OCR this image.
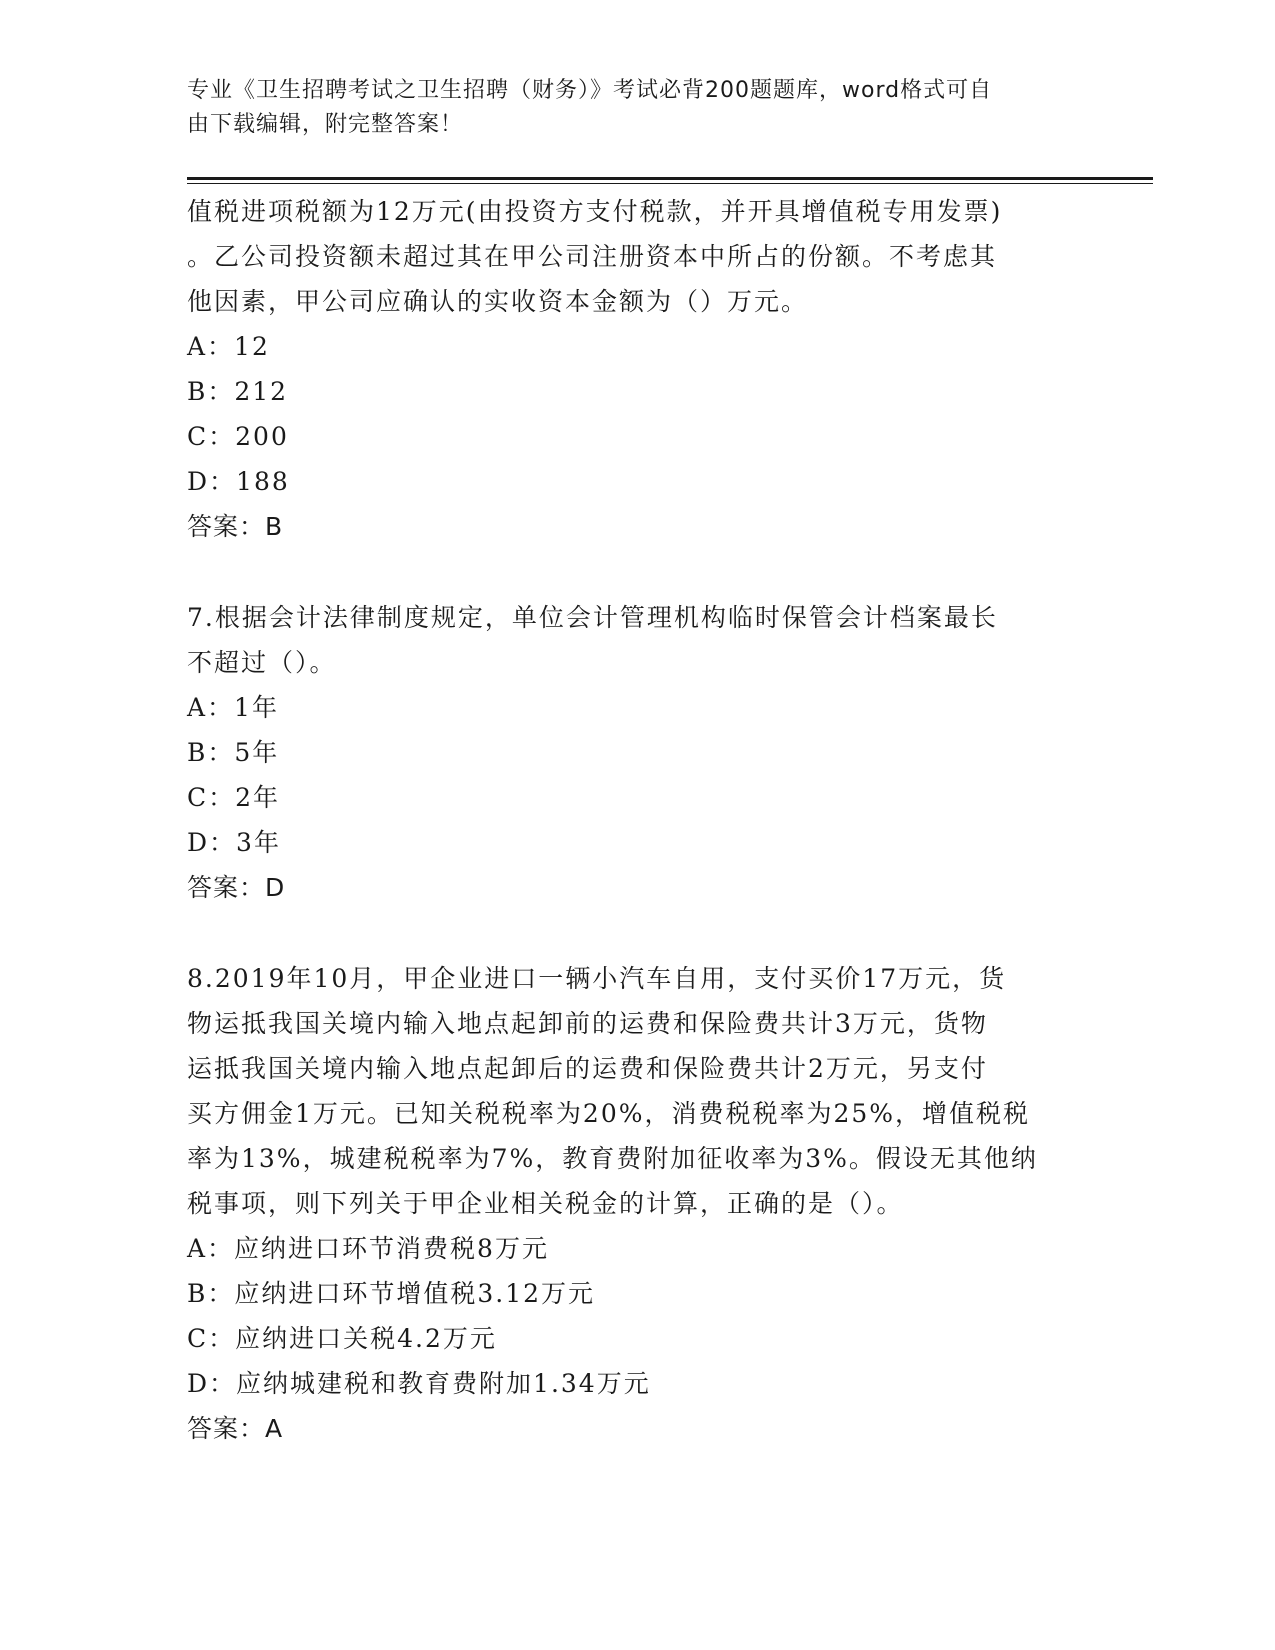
专业《卫生招聘考试之卫生招聘（财务）》考试必背200题题库，word格式可自
由下载编辑，附完整答案！

值税进项税额为12万元(由投资方支付税款，并开具增值税专用发票)

。乙公司投资额未超过其在甲公司注册资本中所占的份额。不考虑其

他因素，甲公司应确认的实收资本金额为（）万元。

A：12

B：212

C：200

D：188

答案：B

7.根据会计法律制度规定，单位会计管理机构临时保管会计档案最长

不超过（）。

A：1年

B：5年

C：2年

D：3年

答案：D

8.2019年10月，甲企业进口一辆小汽车自用，支付买价17万元，货

物运抵我国关境内输入地点起卸前的运费和保险费共计3万元，货物

运抵我国关境内输入地点起卸后的运费和保险费共计2万元，另支付

买方佣金1万元。已知关税税率为20%，消费税税率为25%，增值税税

率为13%，城建税税率为7%，教育费附加征收率为3%。假设无其他纳

税事项，则下列关于甲企业相关税金的计算，正确的是（）。

A：应纳进口环节消费税8万元

B：应纳进口环节增值税3.12万元

C：应纳进口关税4.2万元

D：应纳城建税和教育费附加1.34万元

答案：A
